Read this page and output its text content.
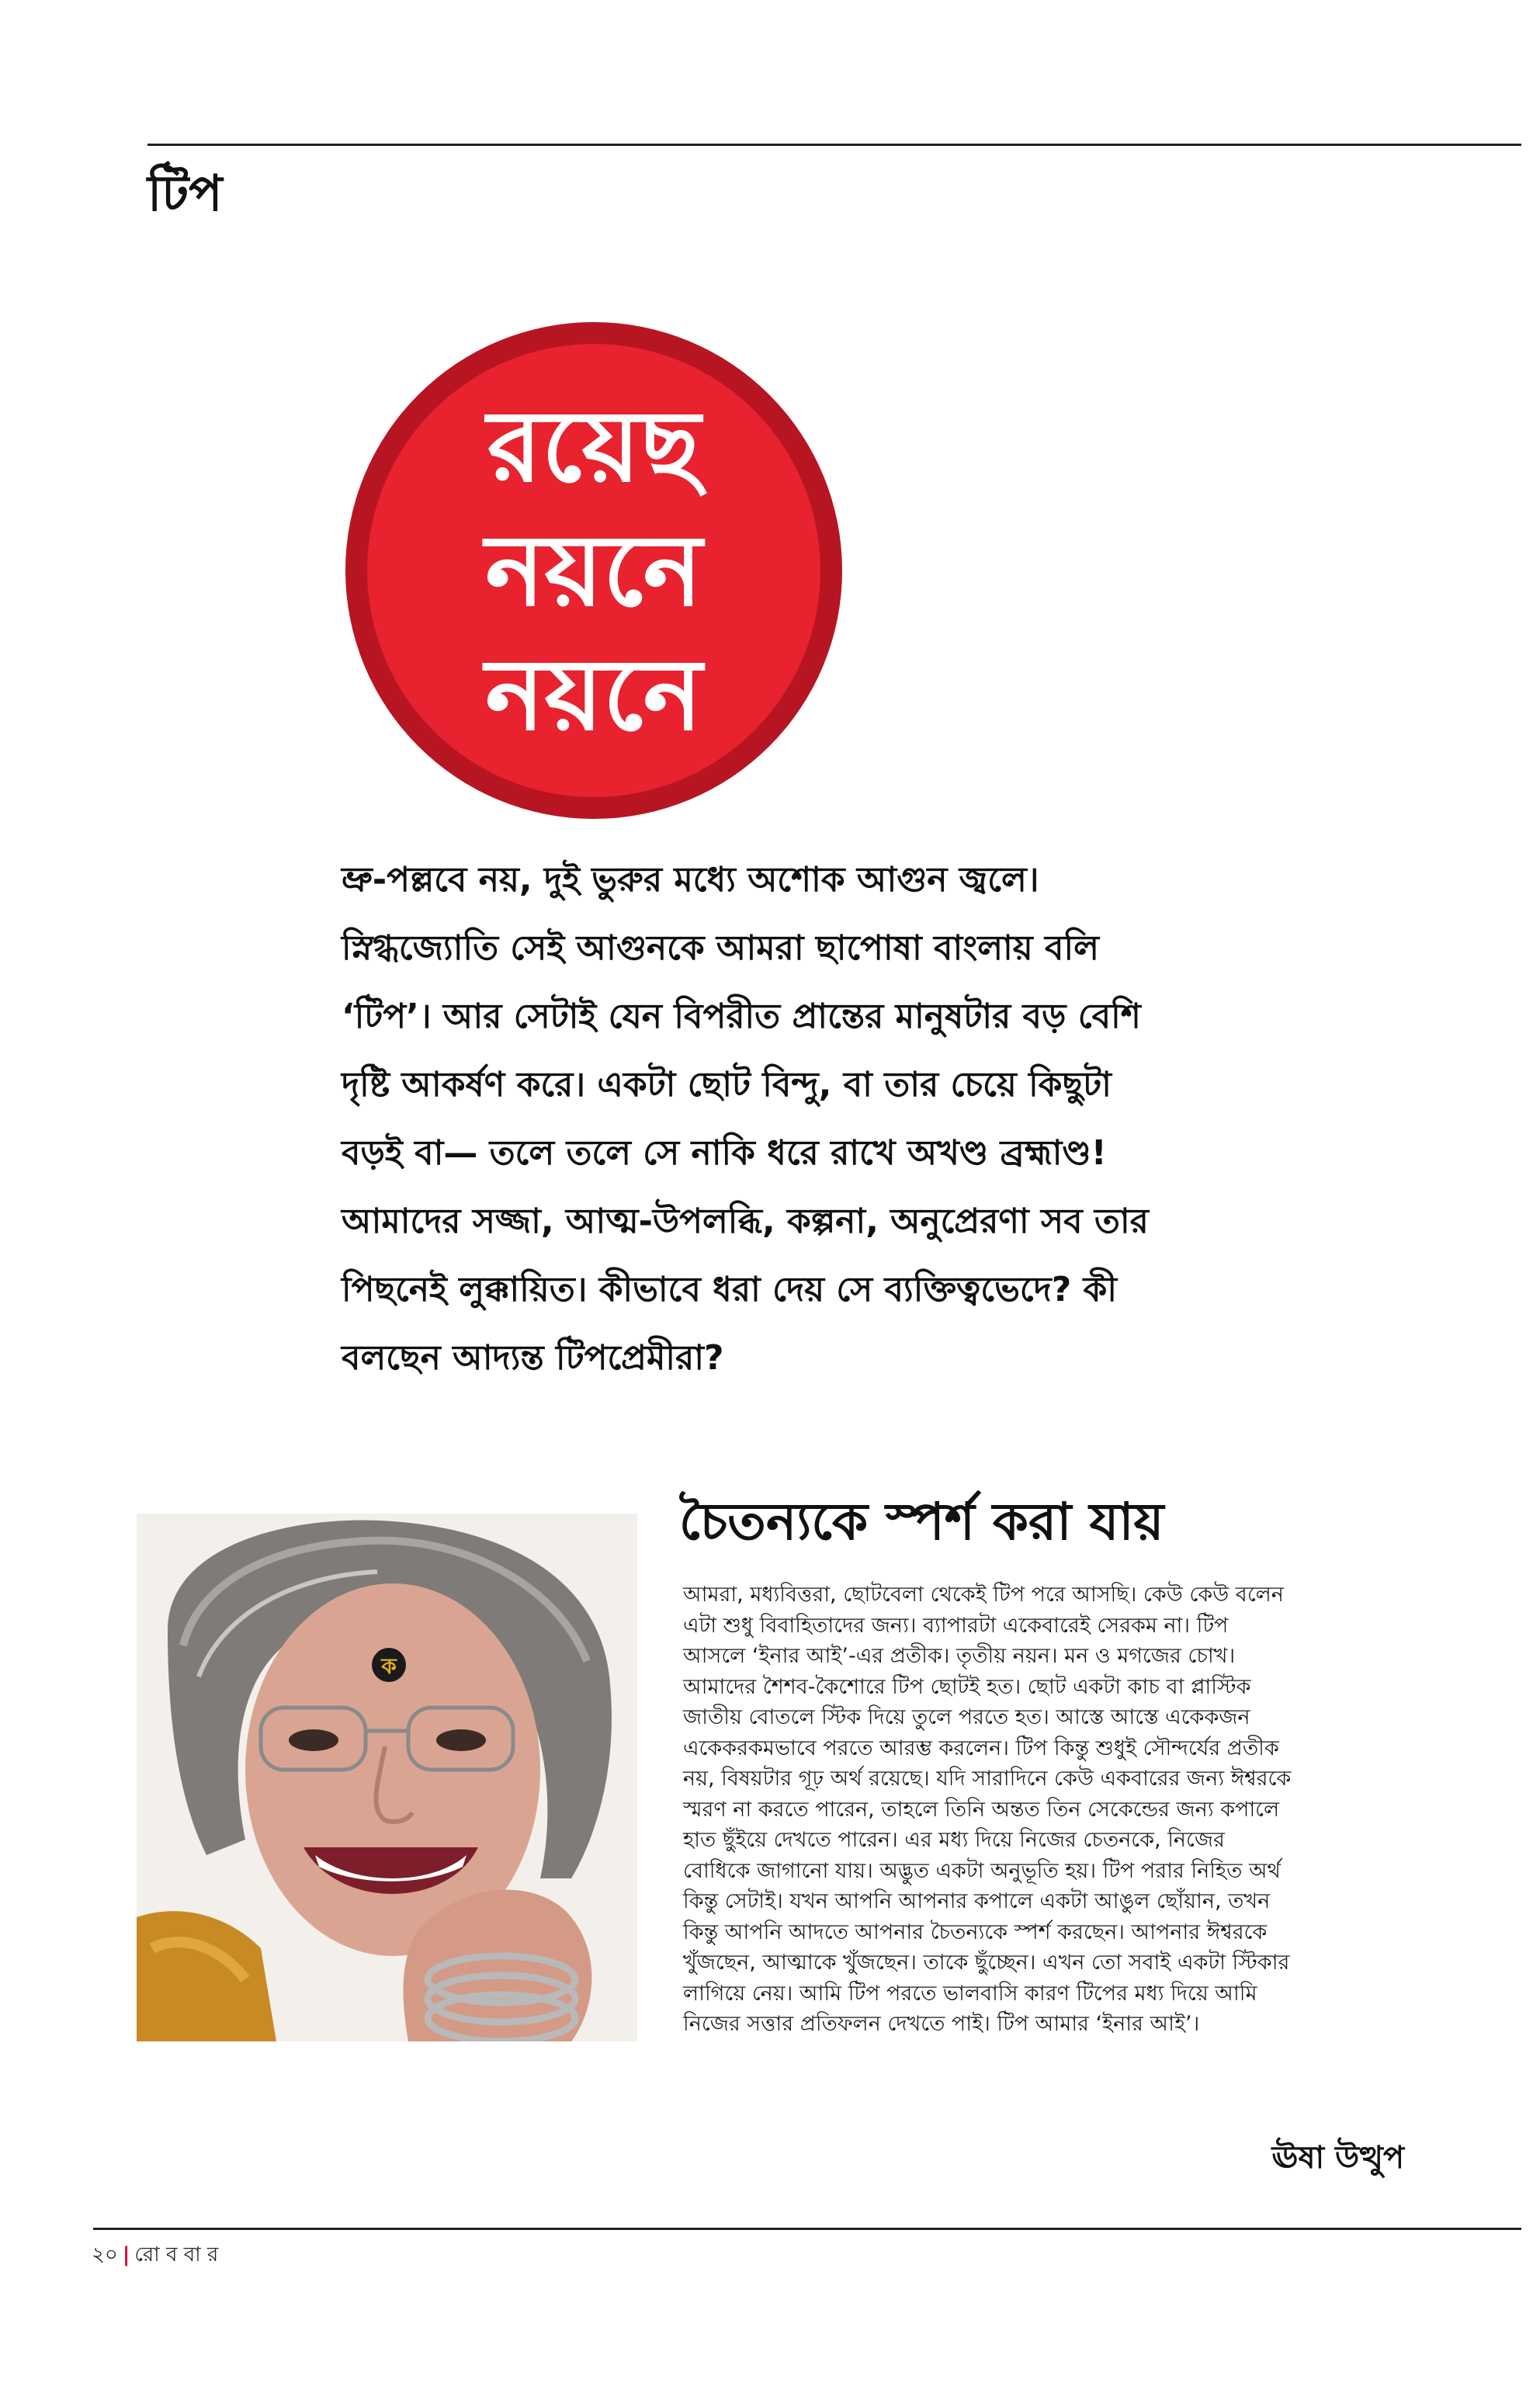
টিপ
রয়েছ
নয়নে
নয়নে
ভ্রু-পল্লবে নয়, দুই ভুরুর মধ্যে অশোক আগুন জ্বলে।
স্নিগ্ধজ্যোতি সেই আগুনকে আমরা ছাপোষা বাংলায় বলি
‘টিপ’। আর সেটাই যেন বিপরীত প্রান্তের মানুষটার বড় বেশি
দৃষ্টি আকর্ষণ করে। একটা ছোট বিন্দু, বা তার চেয়ে কিছুটা
বড়ই বা— তলে তলে সে নাকি ধরে রাখে অখণ্ড ব্রহ্মাণ্ড!
আমাদের সজ্জা, আত্ম-উপলব্ধি, কল্পনা, অনুপ্রেরণা সব তার
পিছনেই লুক্কায়িত। কীভাবে ধরা দেয় সে ব্যক্তিত্বভেদে? কী
বলছেন আদ্যন্ত টিপপ্রেমীরা?
ক
চৈতন্যকে স্পর্শ করা যায়
আমরা, মধ্যবিত্তরা, ছোটবেলা থেকেই টিপ পরে আসছি। কেউ কেউ বলেন
এটা শুধু বিবাহিতাদের জন্য। ব্যাপারটা একেবারেই সেরকম না। টিপ
আসলে ‘ইনার আই’-এর প্রতীক। তৃতীয় নয়ন। মন ও মগজের চোখ।
আমাদের শৈশব-কৈশোরে টিপ ছোটই হত। ছোট একটা কাচ বা প্লাস্টিক
জাতীয় বোতলে স্টিক দিয়ে তুলে পরতে হত। আস্তে আস্তে একেকজন
একেকরকমভাবে পরতে আরম্ভ করলেন। টিপ কিন্তু শুধুই সৌন্দর্যের প্রতীক
নয়, বিষয়টার গূঢ় অর্থ রয়েছে। যদি সারাদিনে কেউ একবারের জন্য ঈশ্বরকে
স্মরণ না করতে পারেন, তাহলে তিনি অন্তত তিন সেকেন্ডের জন্য কপালে
হাত ছুঁইয়ে দেখতে পারেন। এর মধ্য দিয়ে নিজের চেতনকে, নিজের
বোধিকে জাগানো যায়। অদ্ভুত একটা অনুভূতি হয়। টিপ পরার নিহিত অর্থ
কিন্তু সেটাই। যখন আপনি আপনার কপালে একটা আঙুল ছোঁয়ান, তখন
কিন্তু আপনি আদতে আপনার চৈতন্যকে স্পর্শ করছেন। আপনার ঈশ্বরকে
খুঁজছেন, আত্মাকে খুঁজছেন। তাকে ছুঁচ্ছেন। এখন তো সবাই একটা স্টিকার
লাগিয়ে নেয়। আমি টিপ পরতে ভালবাসি কারণ টিপের মধ্য দিয়ে আমি
নিজের সত্তার প্রতিফলন দেখতে পাই। টিপ আমার ‘ইনার আই’।
ঊষা উত্থুপ
২০ | রো ব বা র
